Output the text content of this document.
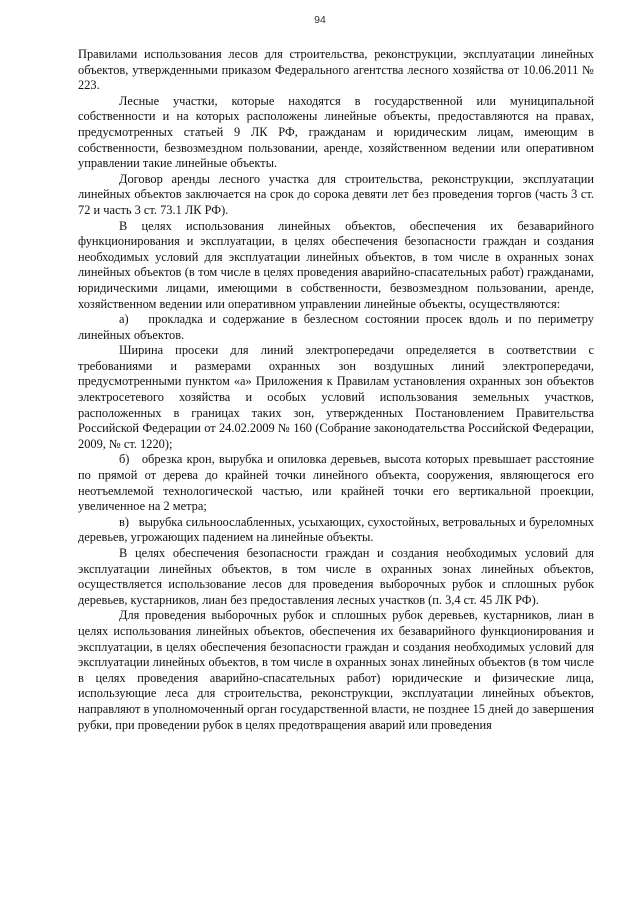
94

Правилами использования лесов для строительства, реконструкции, эксплуатации линейных объектов, утвержденными приказом Федерального агентства лесного хозяйства от 10.06.2011 № 223.

Лесные участки, которые находятся в государственной или муниципальной собственности и на которых расположены линейные объекты, предоставляются на правах, предусмотренных статьей 9 ЛК РФ, гражданам и юридическим лицам, имеющим в собственности, безвозмездном пользовании, аренде, хозяйственном ведении или оперативном управлении такие линейные объекты.

Договор аренды лесного участка для строительства, реконструкции, эксплуатации линейных объектов заключается на срок до сорока девяти лет без проведения торгов (часть 3 ст. 72 и часть 3 ст. 73.1 ЛК РФ).

В целях использования линейных объектов, обеспечения их безаварийного функционирования и эксплуатации, в целях обеспечения безопасности граждан и создания необходимых условий для эксплуатации линейных объектов, в том числе в охранных зонах линейных объектов (в том числе в целях проведения аварийно-спасательных работ) гражданами, юридическими лицами, имеющими в собственности, безвозмездном пользовании, аренде, хозяйственном ведении или оперативном управлении линейные объекты, осуществляются:

а)   прокладка и содержание в безлесном состоянии просек вдоль и по периметру линейных объектов.

Ширина просеки для линий электропередачи определяется в соответствии с требованиями и размерами охранных зон воздушных линий электропередачи, предусмотренными пунктом «а» Приложения к Правилам установления охранных зон объектов электросетевого хозяйства и особых условий использования земельных участков, расположенных в границах таких зон, утвержденных Постановлением Правительства Российской Федерации от 24.02.2009 № 160 (Собрание законодательства Российской Федерации, 2009, № ст. 1220);

б)   обрезка крон, вырубка и опиловка деревьев, высота которых превышает расстояние по прямой от дерева до крайней точки линейного объекта, сооружения, являющегося его неотъемлемой технологической частью, или крайней точки его вертикальной проекции, увеличенное на 2 метра;

в)   вырубка сильноослабленных, усыхающих, сухостойных, ветровальных и буреломных деревьев, угрожающих падением на линейные объекты.

В целях обеспечения безопасности граждан и создания необходимых условий для эксплуатации линейных объектов, в том числе в охранных зонах линейных объектов, осуществляется использование лесов для проведения выборочных рубок и сплошных рубок деревьев, кустарников, лиан без предоставления лесных участков (п. 3,4 ст. 45 ЛК РФ).

Для проведения выборочных рубок и сплошных рубок деревьев, кустарников, лиан в целях использования линейных объектов, обеспечения их безаварийного функционирования и эксплуатации, в целях обеспечения безопасности граждан и создания необходимых условий для эксплуатации линейных объектов, в том числе в охранных зонах линейных объектов (в том числе в целях проведения аварийно-спасательных работ) юридические и физические лица, использующие леса для строительства, реконструкции, эксплуатации линейных объектов, направляют в уполномоченный орган государственной власти, не позднее 15 дней до завершения рубки, при проведении рубок в целях предотвращения аварий или проведения
